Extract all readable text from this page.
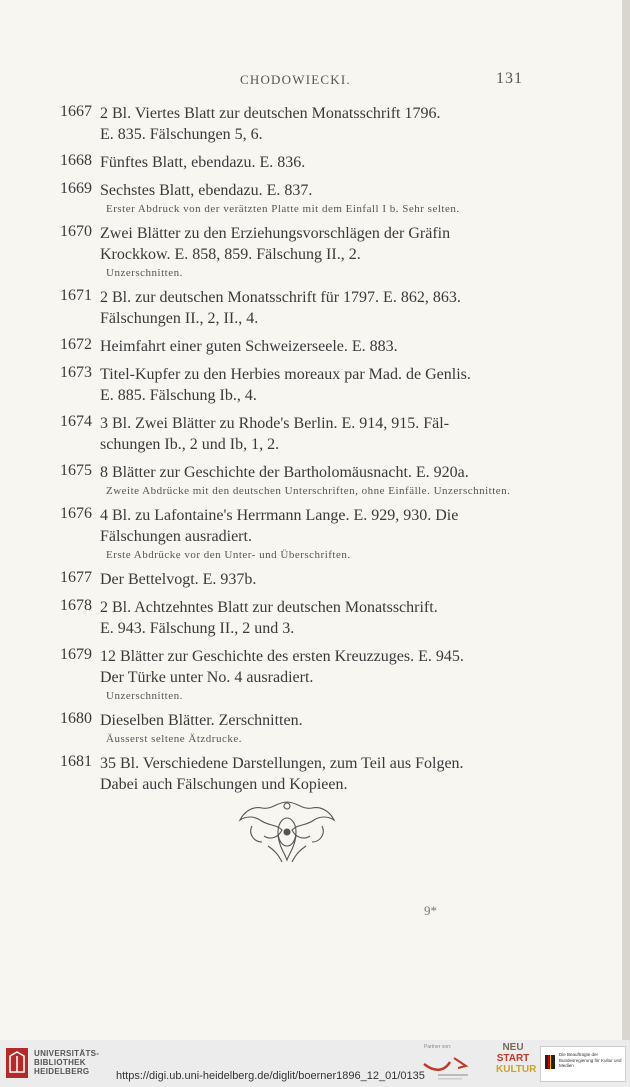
CHODOWIECKI.	131
1667 2 Bl. Viertes Blatt zur deutschen Monatsschrift 1796.
E. 835. Fälschungen 5, 6.
1668 Fünftes Blatt, ebendazu. E. 836.
1669 Sechstes Blatt, ebendazu. E. 837.
Erster Abdruck von der verätzten Platte mit dem Einfall I b. Sehr selten.
1670 Zwei Blätter zu den Erziehungsvorschlägen der Gräfin
Krockkow. E. 858, 859. Fälschung II., 2.
Unzerschnitten.
1671 2 Bl. zur deutschen Monatsschrift für 1797. E. 862, 863.
Fälschungen II., 2, II., 4.
1672 Heimfahrt einer guten Schweizerseele. E. 883.
1673 Titel-Kupfer zu den Herbies moreaux par Mad. de Genlis.
E. 885. Fälschung Ib., 4.
1674 3 Bl. Zwei Blätter zu Rhode's Berlin. E. 914, 915. Fäl-
schungen Ib., 2 und Ib, 1, 2.
1675 8 Blätter zur Geschichte der Bartholomäusnacht. E. 920a.
Zweite Abdrücke mit den deutschen Unterschriften, ohne Einfälle. Unzerschnitten.
1676 4 Bl. zu Lafontaine's Herrmann Lange. E. 929, 930. Die
Fälschungen ausradiert.
Erste Abdrücke vor den Unter- und Überschriften.
1677 Der Bettelvogt. E. 937b.
1678 2 Bl. Achtzehntes Blatt zur deutschen Monatsschrift.
E. 943. Fälschung II., 2 und 3.
1679 12 Blätter zur Geschichte des ersten Kreuzzuges. E. 945.
Der Türke unter No. 4 ausradiert.
Unzerschnitten.
1680 Dieselben Blätter. Zerschnitten.
Äusserst seltene Ätzdrucke.
1681 35 Bl. Verschiedene Darstellungen, zum Teil aus Folgen.
Dabei auch Fälschungen und Kopieen.
9*
UNIVERSITÄTS-
BIBLIOTHEK
HEIDELBERG	https://digi.ub.uni-heidelberg.de/diglit/boerner1896_12_01/0135
Partner von:	NEU
START
KULTUR
Die Beauftragte der Bundesregierung für Kultur und Medien
